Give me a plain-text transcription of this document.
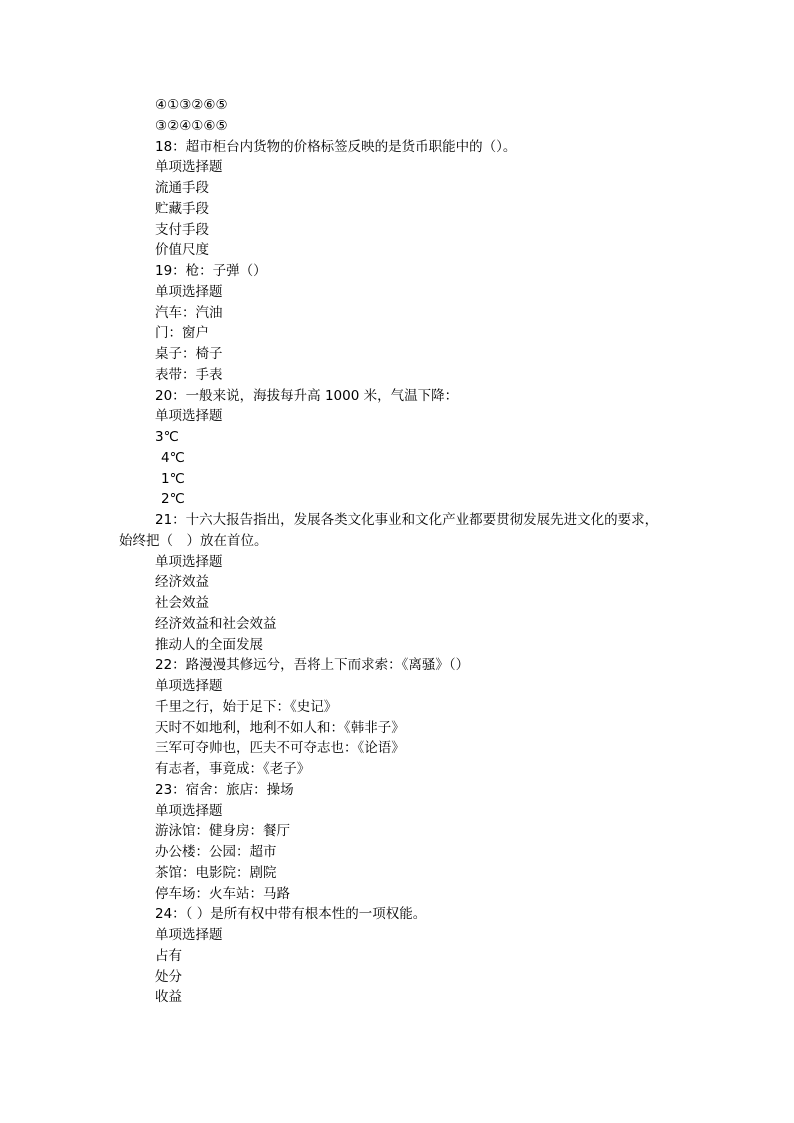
④①③②⑥⑤
③②④①⑥⑤
18：超市柜台内货物的价格标签反映的是货币职能中的（）。
单项选择题
流通手段
贮藏手段
支付手段
价值尺度
19：枪：子弹（）
单项选择题
汽车：汽油
门：窗户
桌子：椅子
表带：手表
20：一般来说，海拔每升高 1000 米，气温下降：
单项选择题
3℃
4℃
1℃
2℃
21：十六大报告指出，发展各类文化事业和文化产业都要贯彻发展先进文化的要求，
始终把（　）放在首位。
单项选择题
经济效益
社会效益
经济效益和社会效益
推动人的全面发展
22：路漫漫其修远兮，吾将上下而求索：《离骚》（）
单项选择题
千里之行，始于足下：《史记》
天时不如地利，地利不如人和：《韩非子》
三军可夺帅也，匹夫不可夺志也：《论语》
有志者，事竟成：《老子》
23：宿舍：旅店：操场
单项选择题
游泳馆：健身房：餐厅
办公楼：公园：超市
茶馆：电影院：剧院
停车场：火车站：马路
24：（ ）是所有权中带有根本性的一项权能。
单项选择题
占有
处分
收益
